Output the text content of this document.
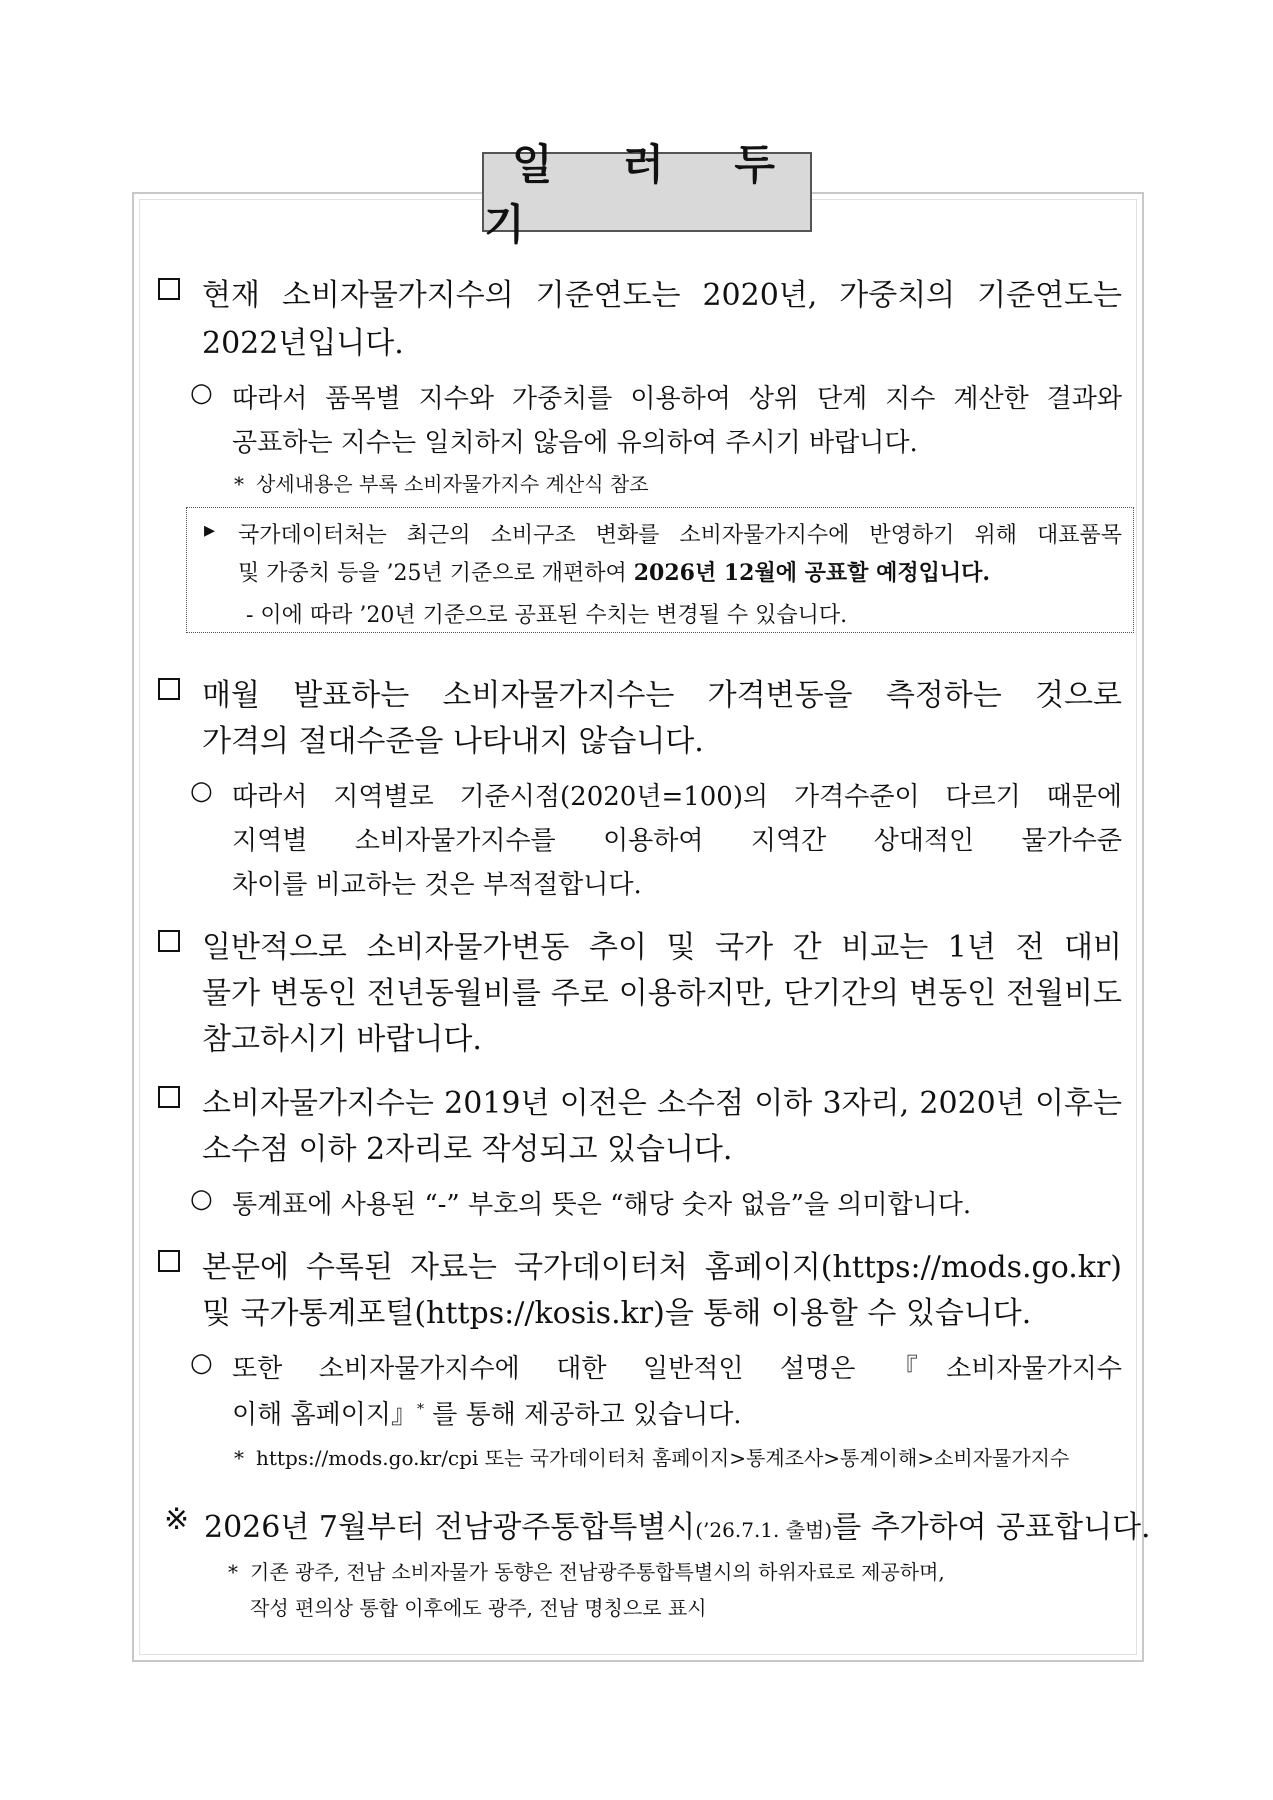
일 러 두 기
현재 소비자물가지수의 기준연도는 2020년, 가중치의 기준연도는
2022년입니다.
○ 따라서 품목별 지수와 가중치를 이용하여 상위 단계 지수 계산한 결과와
공표하는 지수는 일치하지 않음에 유의하여 주시기 바랍니다.
* 상세내용은 부록 소비자물가지수 계산식 참조
▸ 국가데이터처는 최근의 소비구조 변화를 소비자물가지수에 반영하기 위해 대표품목
및 가중치 등을 ’25년 기준으로 개편하여 2026년 12월에 공표할 예정입니다.
- 이에 따라 ’20년 기준으로 공표된 수치는 변경될 수 있습니다.
매월 발표하는 소비자물가지수는 가격변동을 측정하는 것으로
가격의 절대수준을 나타내지 않습니다.
○ 따라서 지역별로 기준시점(2020년=100)의 가격수준이 다르기 때문에
지역별 소비자물가지수를 이용하여 지역간 상대적인 물가수준
차이를 비교하는 것은 부적절합니다.
일반적으로 소비자물가변동 추이 및 국가 간 비교는 1년 전 대비
물가 변동인 전년동월비를 주로 이용하지만, 단기간의 변동인 전월비도
참고하시기 바랍니다.
소비자물가지수는 2019년 이전은 소수점 이하 3자리, 2020년 이후는
소수점 이하 2자리로 작성되고 있습니다.
○ 통계표에 사용된 “-” 부호의 뜻은 “해당 숫자 없음”을 의미합니다.
본문에 수록된 자료는 국가데이터처 홈페이지(https://mods.go.kr)
및 국가통계포털(https://kosis.kr)을 통해 이용할 수 있습니다.
○ 또한 소비자물가지수에 대한 일반적인 설명은 『소비자물가지수
이해 홈페이지』* 를 통해 제공하고 있습니다.
* https://mods.go.kr/cpi 또는 국가데이터처 홈페이지>통계조사>통계이해>소비자물가지수
※ 2026년 7월부터 전남광주통합특별시(’26.7.1. 출범)를 추가하여 공표합니다.
* 기존 광주, 전남 소비자물가 동향은 전남광주통합특별시의 하위자료로 제공하며,
작성 편의상 통합 이후에도 광주, 전남 명칭으로 표시
